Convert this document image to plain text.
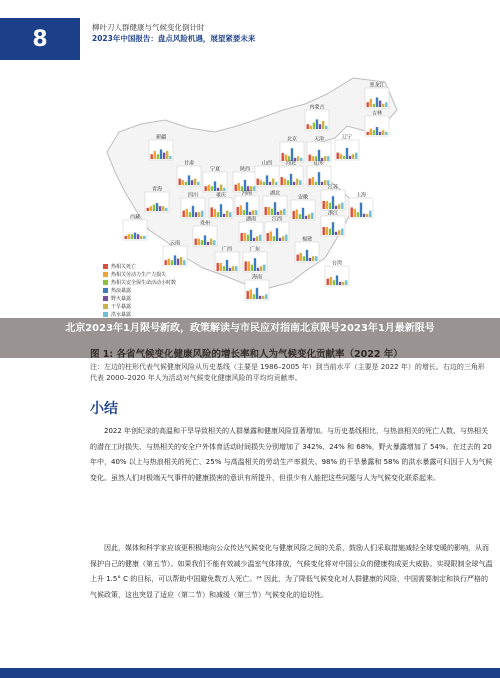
8	柳叶刀人群健康与气候变化倒计时
2023年中国报告：盘点风险机遇，展望紧要未来
黑龙江
吉林
内蒙古
辽宁
北京	天津
新疆
甘肃	河北	山东
青海
宁夏	陕西
山西
河南
江苏
西藏
四川	重庆	湖北
安徽
浙江
上海
云南
贵州
湖南	江西
福建
广西	广东
海南
台湾
热相关死亡
热相关劳动力生产力损失
热相关安全保生命活动小时数
热浪暴露
野火暴露
干旱暴露
洪水暴露
注：左边的柱形代表气候健康风险从历史基线（主要是 1986–2005 年）到当前水平（主要是 2022 年）的增长。右边的三角形代表 2000–2020 年人为活动对气候变化健康风险的平均均贡献率。
北京2023年1月限号新政，政策解读与市民应对指南北京限号2023年1月最新限号
小结
2022 年创纪录的高温和干旱导致相关的人群暴露和健康风险显著增加。与历史基线相比，与热浪相关的死亡人数、与热相关的潜在工时损失、与热相关的安全户外体育活动时间损失分别增加了 342%、24% 和 68%，野火暴露增加了 54%。在过去的 20 年中，40% 以上与热浪相关的死亡、25% 与高温相关的劳动生产率损失、98% 的干旱暴露和 58% 的洪水暴露可归因于人为气候变化。虽然人们对极端天气事件的健康损害的意识有所提升，但很少有人能把这些问题与人为气候变化联系起来。
因此，媒体和科学家应该更积极地向公众传达气候变化与健康风险之间的关系，鼓励人们采取措施减轻全球变暖的影响，从而保护自己的健康（第五节）。如果我们不能有效减少温室气体排放，气候变化将对中国公众的健康构成更大威胁。实现限制全球气温上升 1.5° C 的目标，可以帮助中国避免数万人死亡。²⁴ 因此，为了降低气候变化对人群健康的风险，中国需要制定和执行严格的气候政策，这也突显了适应（第二节）和减缓（第三节）气候变化的迫切性。
